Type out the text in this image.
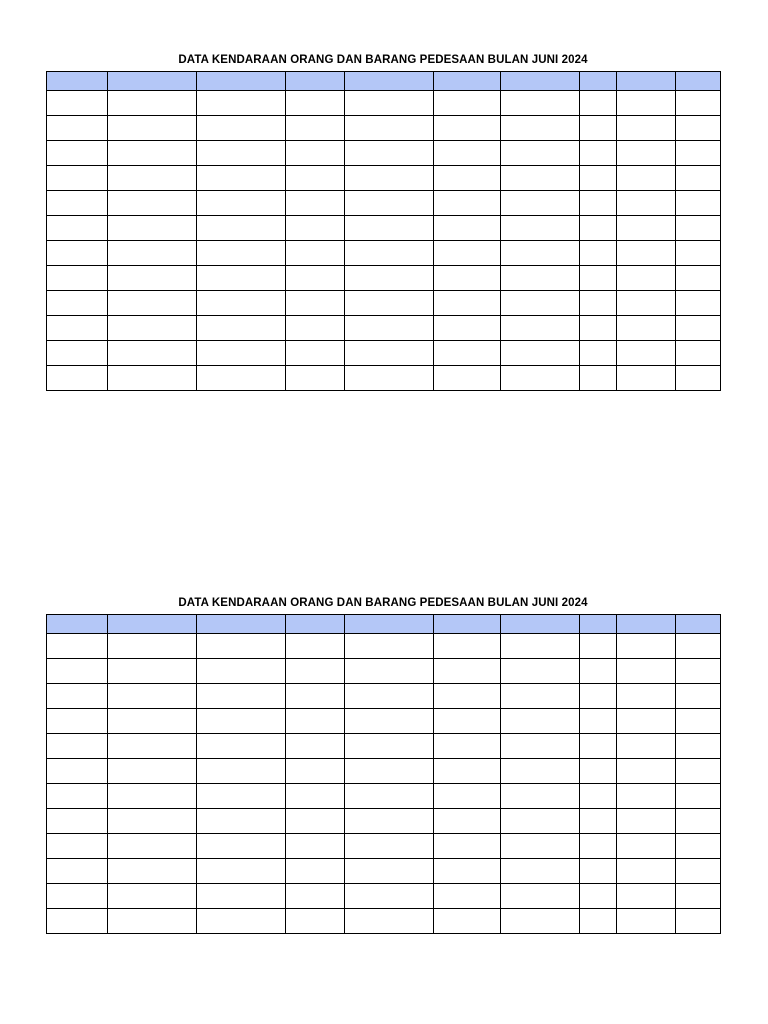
DATA KENDARAAN ORANG DAN BARANG PEDESAAN BULAN JUNI 2024

DATA KENDARAAN ORANG DAN BARANG PEDESAAN BULAN JUNI 2024
